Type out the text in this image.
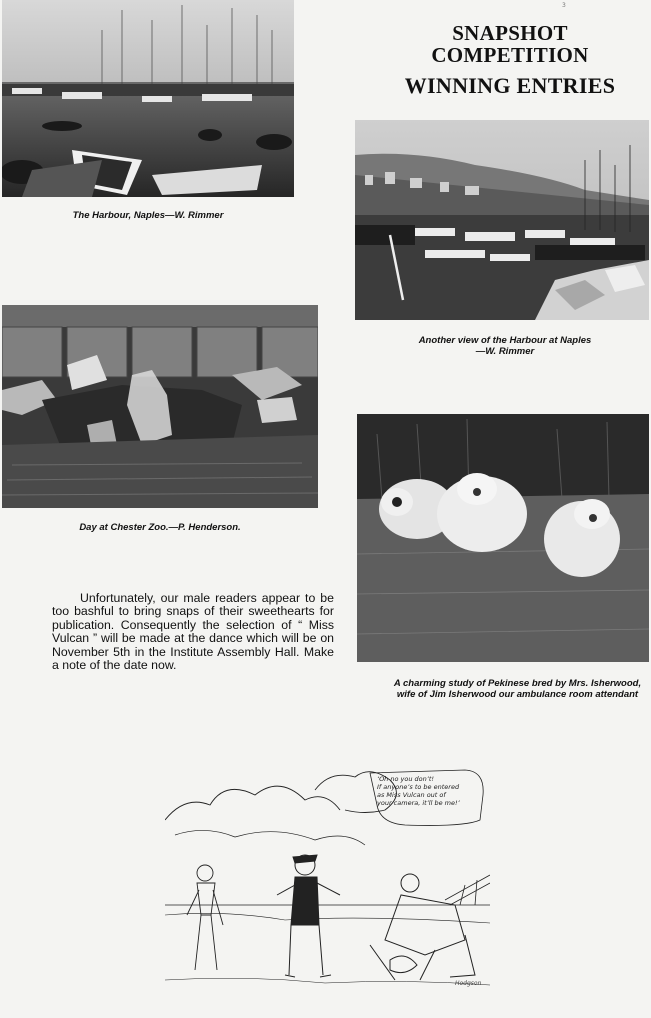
3
SNAPSHOT
COMPETITION
WINNING ENTRIES
The Harbour, Naples—W. Rimmer
Another view of the Harbour at Naples
—W. Rimmer
Day at Chester Zoo.—P. Henderson.
A charming study of Pekinese bred by Mrs. Isherwood, wife of Jim Isherwood our ambulance room attendant
Unfortunately, our male readers appear to be too bashful to bring snaps of their sweethearts for publication. Consequently the selection of “ Miss Vulcan ” will be made at the dance which will be on November 5th in the Institute Assembly Hall. Make a note of the date now.
‘Oh no you don’t!
If anyone’s to be entered
as Miss Vulcan out of
your camera, it’ll be me!’
Hodgson
